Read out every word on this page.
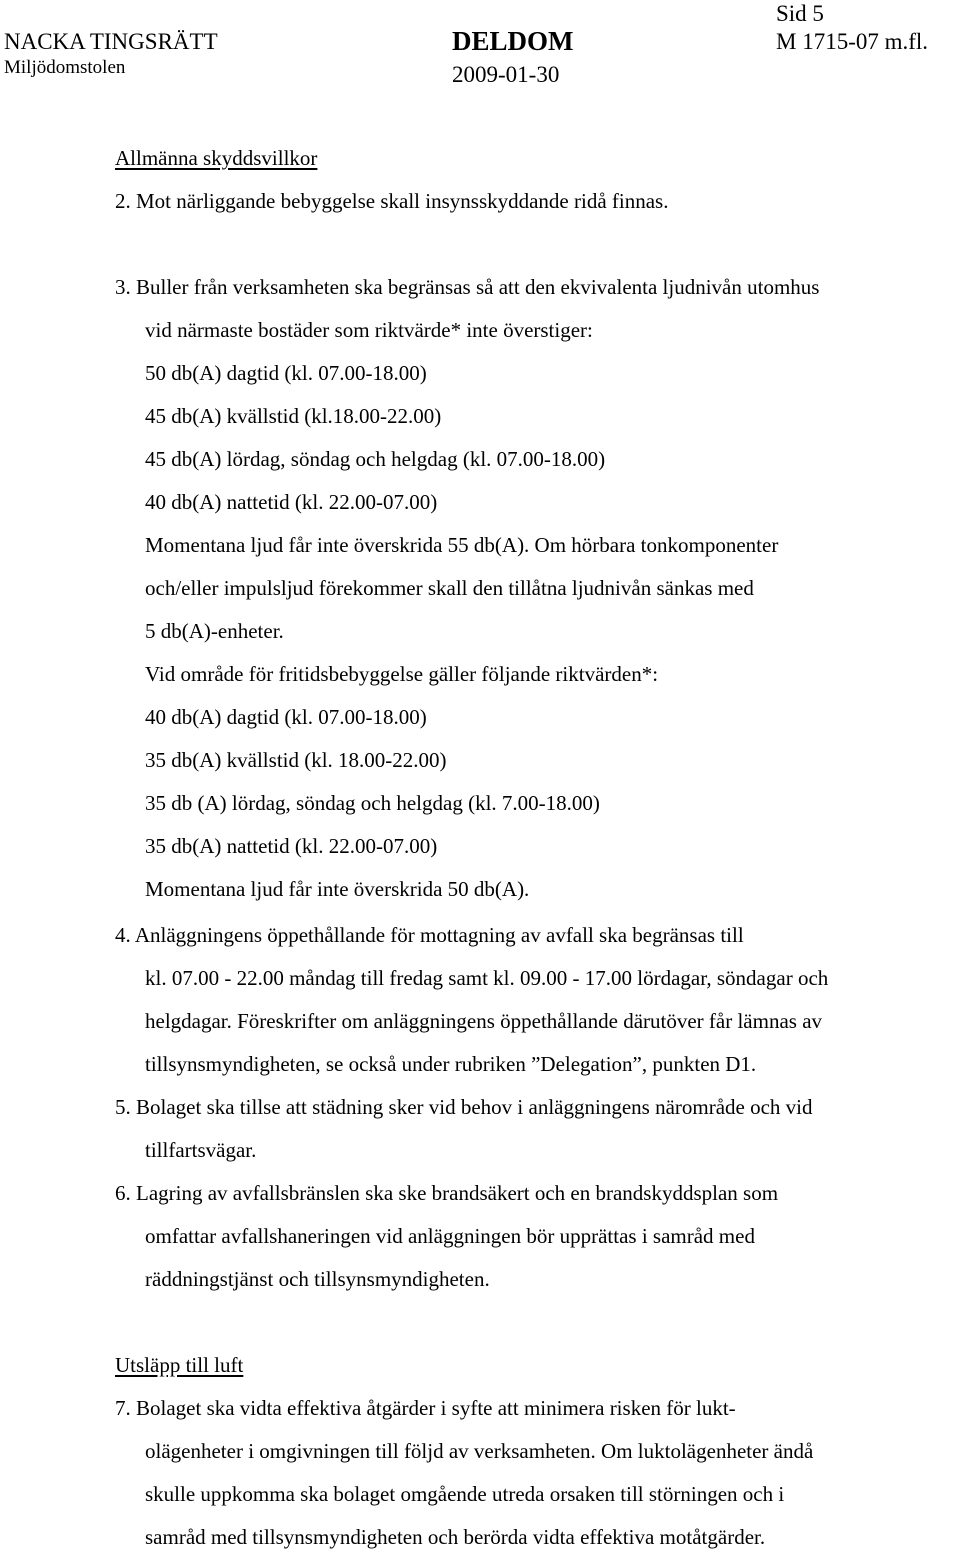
NACKA TINGSRÄTT
Miljödomstolen
DELDOM
2009-01-30
Sid 5
M 1715-07 m.fl.
Allmänna skyddsvillkor
2. Mot närliggande bebyggelse skall insynsskyddande ridå finnas.
3. Buller från verksamheten ska begränsas så att den ekvivalenta ljudnivån utomhus
vid närmaste bostäder som riktvärde* inte överstiger:
50 db(A) dagtid (kl. 07.00-18.00)
45 db(A) kvällstid (kl.18.00-22.00)
45 db(A) lördag, söndag och helgdag (kl. 07.00-18.00)
40 db(A) nattetid (kl. 22.00-07.00)
Momentana ljud får inte överskrida 55 db(A). Om hörbara tonkomponenter
och/eller impulsljud förekommer skall den tillåtna ljudnivån sänkas med
5 db(A)-enheter.
Vid område för fritidsbebyggelse gäller följande riktvärden*:
40 db(A) dagtid (kl. 07.00-18.00)
35 db(A) kvällstid (kl. 18.00-22.00)
35 db (A) lördag, söndag och helgdag (kl. 7.00-18.00)
35 db(A) nattetid (kl. 22.00-07.00)
Momentana ljud får inte överskrida 50 db(A).
4. Anläggningens öppethållande för mottagning av avfall ska begränsas till
kl. 07.00 - 22.00 måndag till fredag samt kl. 09.00 - 17.00 lördagar, söndagar och
helgdagar. Föreskrifter om anläggningens öppethållande därutöver får lämnas av
tillsynsmyndigheten, se också under rubriken ”Delegation”, punkten D1.
5. Bolaget ska tillse att städning sker vid behov i anläggningens närområde och vid
tillfartsvägar.
6. Lagring av avfallsbränslen ska ske brandsäkert och en brandskyddsplan som
omfattar avfallshaneringen vid anläggningen bör upprättas i samråd med
räddningstjänst och tillsynsmyndigheten.
Utsläpp till luft
7. Bolaget ska vidta effektiva åtgärder i syfte att minimera risken för lukt-
olägenheter i omgivningen till följd av verksamheten. Om luktolägenheter ändå
skulle uppkomma ska bolaget omgående utreda orsaken till störningen och i
samråd med tillsynsmyndigheten och berörda vidta effektiva motåtgärder.
